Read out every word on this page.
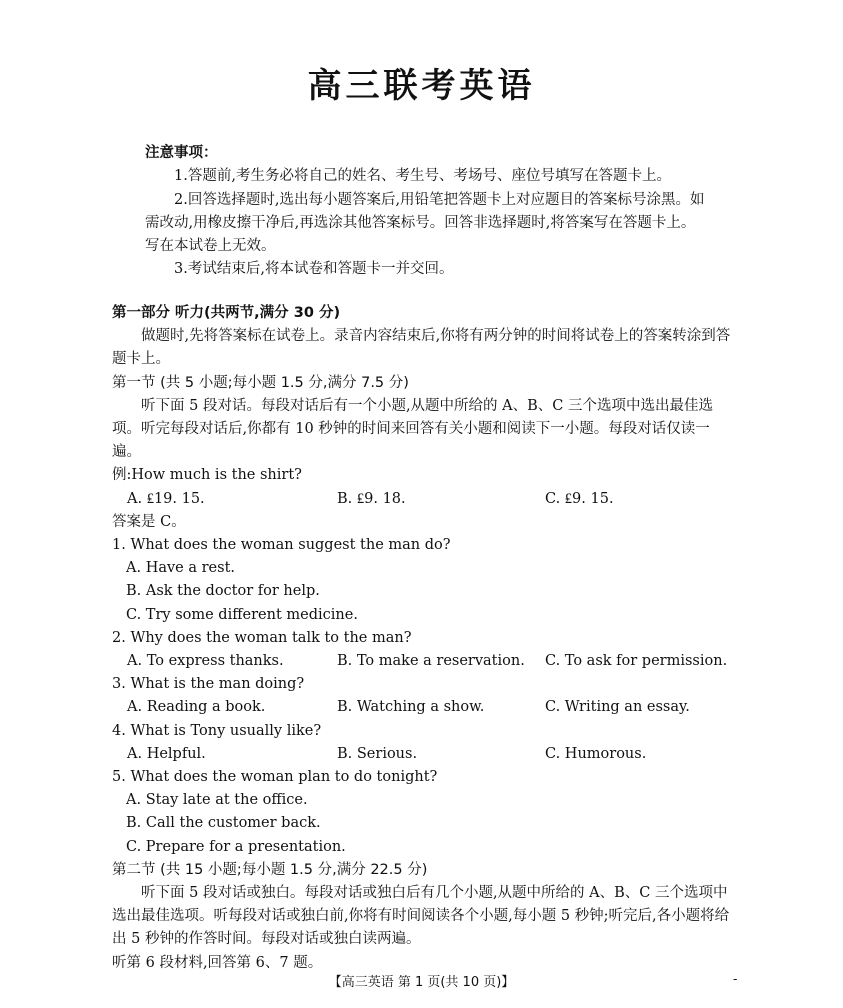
高三联考英语
注意事项：
1.答题前,考生务必将自己的姓名、考生号、考场号、座位号填写在答题卡上。
2.回答选择题时,选出每小题答案后,用铅笔把答题卡上对应题目的答案标号涂黑。如需改动,用橡皮擦干净后,再选涂其他答案标号。回答非选择题时,将答案写在答题卡上。写在本试卷上无效。
3.考试结束后,将本试卷和答题卡一并交回。
第一部分 听力(共两节,满分 30 分)
做题时,先将答案标在试卷上。录音内容结束后,你将有两分钟的时间将试卷上的答案转涂到答题卡上。
第一节 (共 5 小题;每小题 1.5 分,满分 7.5 分)
听下面 5 段对话。每段对话后有一个小题,从题中所给的 A、B、C 三个选项中选出最佳选项。听完每段对话后,你都有 10 秒钟的时间来回答有关小题和阅读下一小题。每段对话仅读一遍。
例:How much is the shirt?
A. ₤19. 15.	B. ₤9. 18.	C. ₤9. 15.
答案是 C。
1. What does the woman suggest the man do?
A. Have a rest.
B. Ask the doctor for help.
C. Try some different medicine.
2. Why does the woman talk to the man?
A. To express thanks.	B. To make a reservation.	C. To ask for permission.
3. What is the man doing?
A. Reading a book.	B. Watching a show.	C. Writing an essay.
4. What is Tony usually like?
A. Helpful.	B. Serious.	C. Humorous.
5. What does the woman plan to do tonight?
A. Stay late at the office.
B. Call the customer back.
C. Prepare for a presentation.
第二节 (共 15 小题;每小题 1.5 分,满分 22.5 分)
听下面 5 段对话或独白。每段对话或独白后有几个小题,从题中所给的 A、B、C 三个选项中选出最佳选项。听每段对话或独白前,你将有时间阅读各个小题,每小题 5 秒钟;听完后,各小题将给出 5 秒钟的作答时间。每段对话或独白读两遍。
听第 6 段材料,回答第 6、7 题。
【高三英语 第 1 页(共 10 页)】	-
